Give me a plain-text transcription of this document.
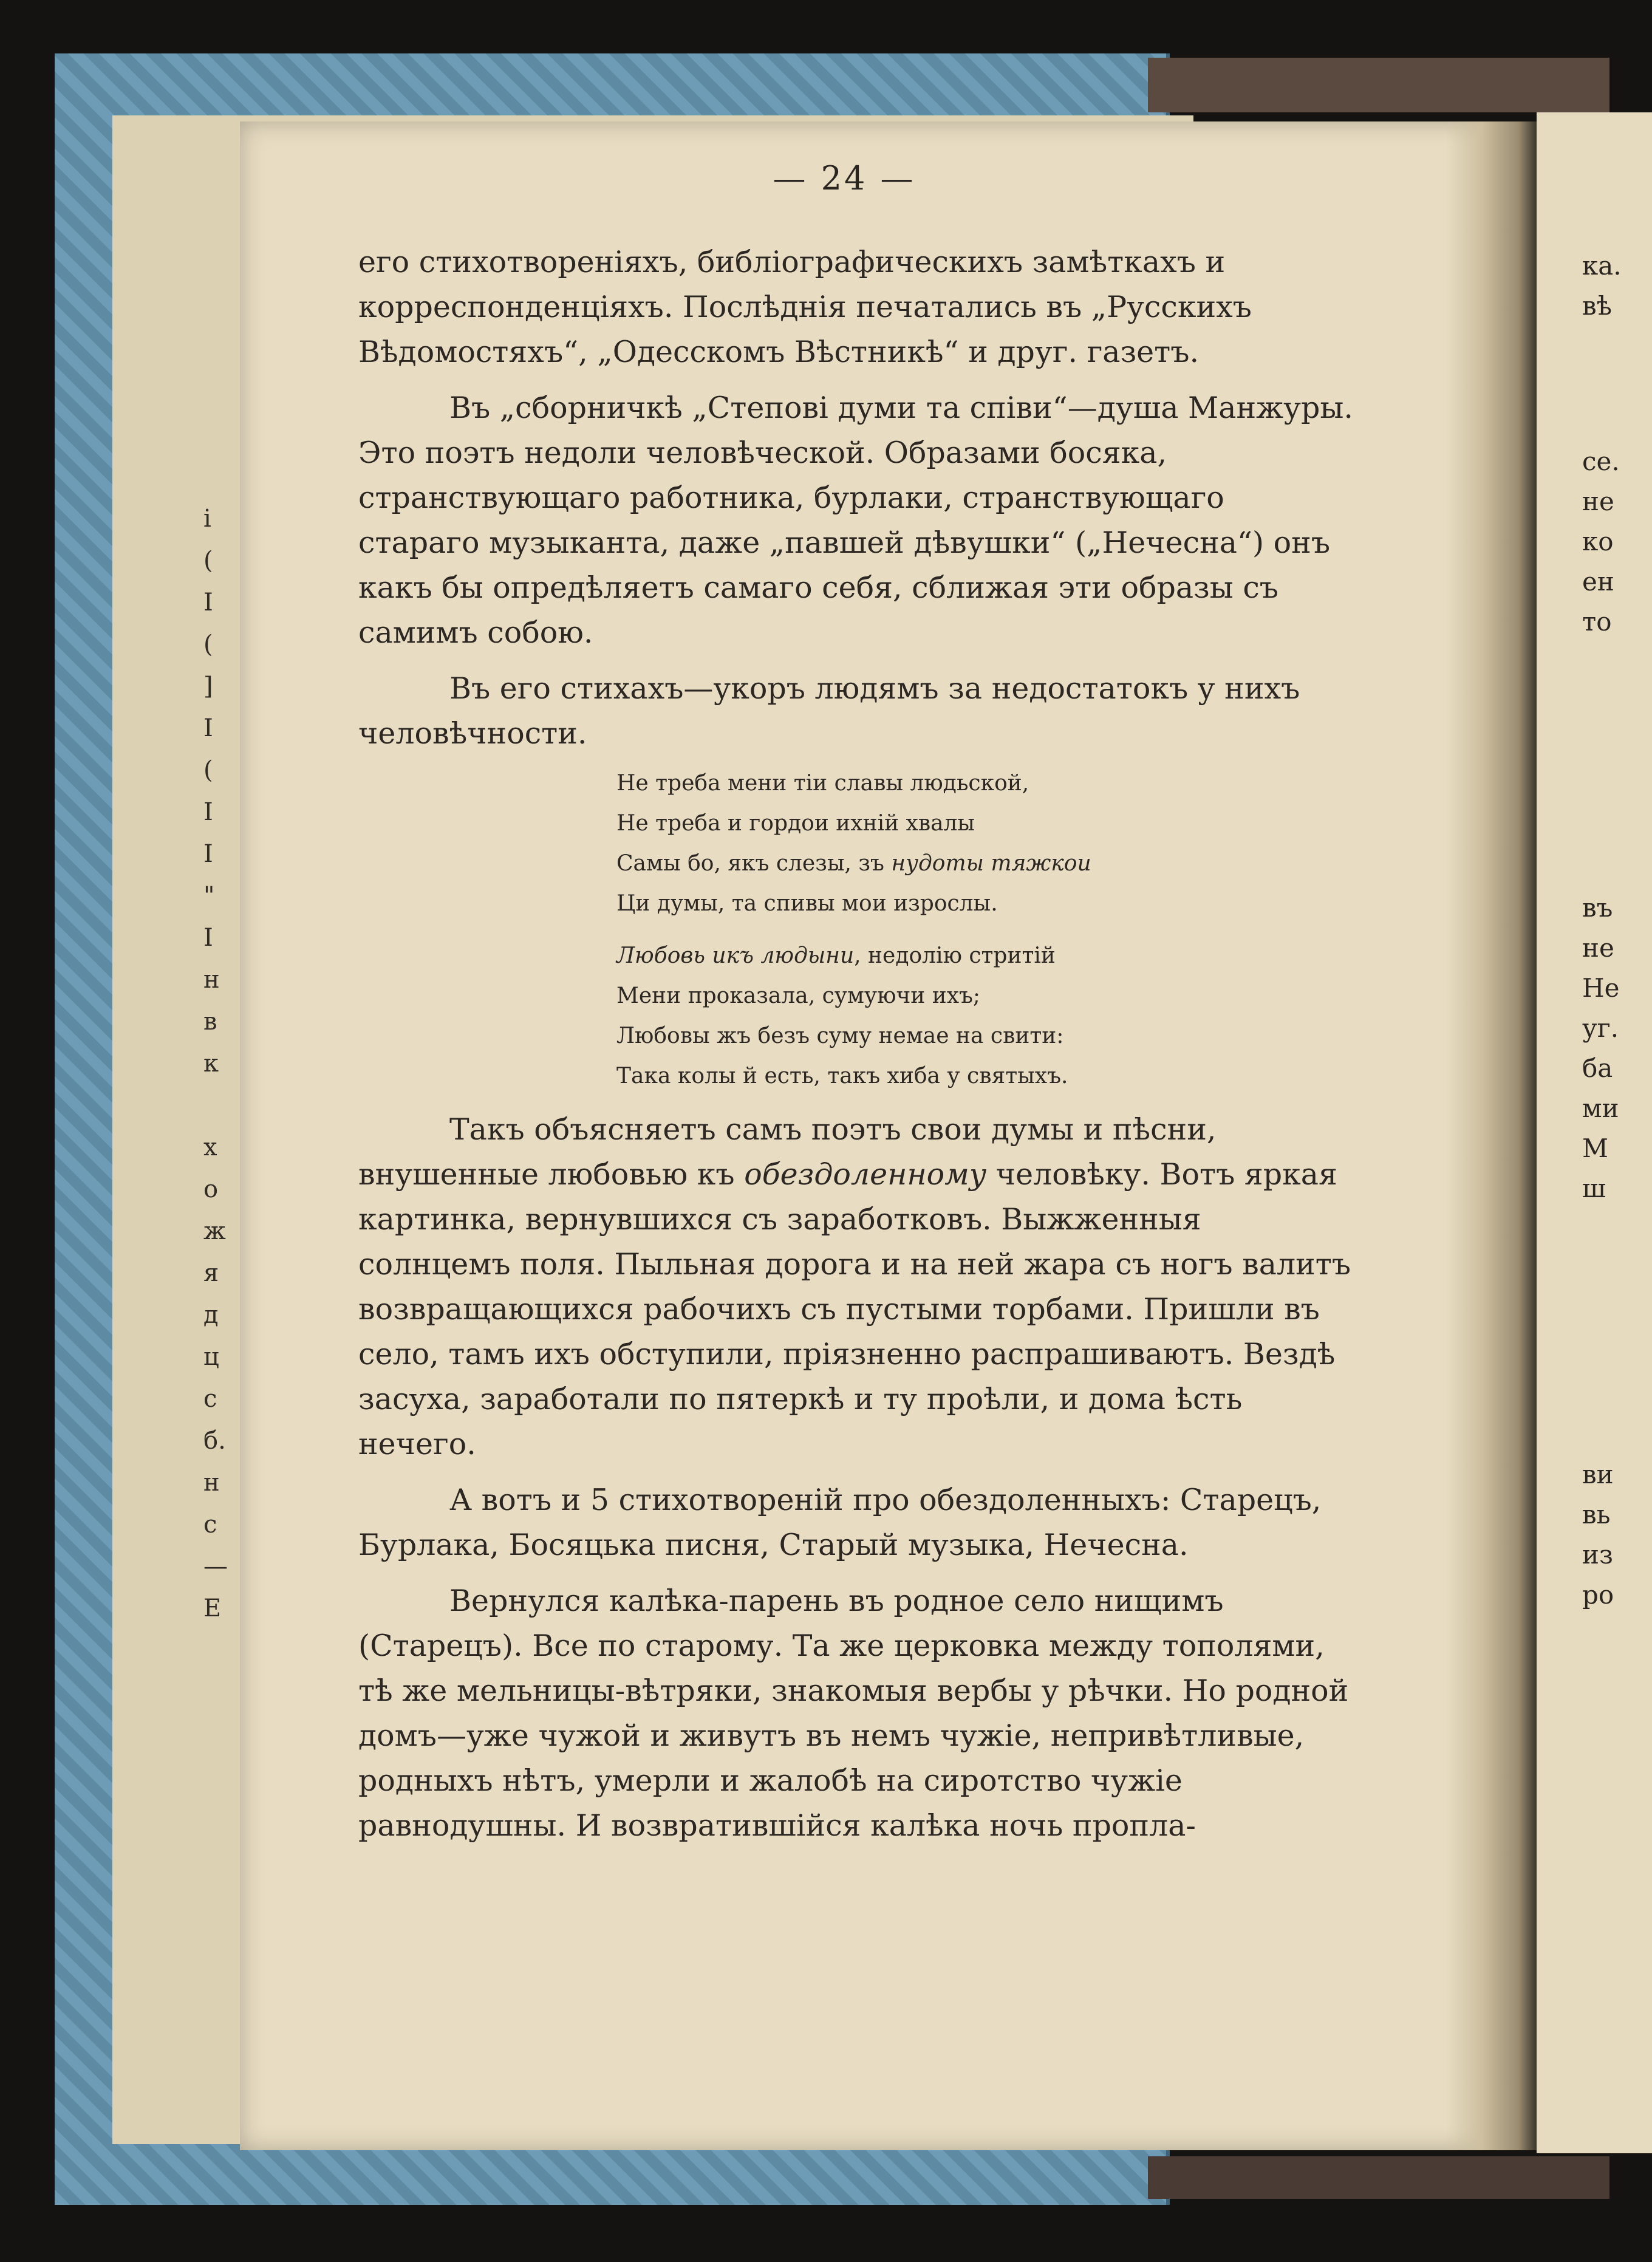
і
(
І
(
]
І
(
І
І
"
І
н
в
к
х
о
ж
я
д
ц
с
б.
н
с
—
Е
ка.
вѣ
се.
не
ко
ен
то
въ
не
Не
уг.
ба
ми
М
ш
ви
вь
из
ро
— 24 —

его стихотвореніяхъ, библіографическихъ замѣткахъ и корреспонденціяхъ. Послѣднія печатались въ „Русскихъ Вѣдомостяхъ“, „Одесскомъ Вѣстникѣ“ и друг. газетъ.

Въ „сборничкѣ „Степові думи та співи“—душа Манжуры. Это поэтъ недоли человѣческой. Образами босяка, странствующаго работника, бурлаки, странствующаго стараго музыканта, даже „павшей дѣвушки“ („Нечесна“) онъ какъ бы опредѣляетъ самаго себя, сближая эти образы съ самимъ собою.

Въ его стихахъ—укоръ людямъ за недостатокъ у нихъ человѣчности.

Не треба мени тіи славы людьской,
Не треба и гордои ихній хвалы
Самы бо, якъ слезы, зъ нудоты тяжкои
Ци думы, та спивы мои изрослы.
Любовь икъ людыни, недолію стритій
Мени проказала, сумуючи ихъ;
Любовы жъ безъ суму немае на свити:
Така колы й есть, такъ хиба у святыхъ.

Такъ объясняетъ самъ поэтъ свои думы и пѣсни, внушенные любовью къ обездоленному человѣку. Вотъ яркая картинка, вернувшихся съ заработковъ. Выжженныя солнцемъ поля. Пыльная дорога и на ней жара съ ногъ валитъ возвращающихся рабочихъ съ пустыми торбами. Пришли въ село, тамъ ихъ обступили, пріязненно распрашиваютъ. Вездѣ засуха, заработали по пятеркѣ и ту проѣли, и дома ѣсть нечего.

А вотъ и 5 стихотвореній про обездоленныхъ: Старецъ, Бурлака, Босяцька писня, Старый музыка, Нечесна.

Вернулся калѣка-парень въ родное село нищимъ (Старецъ). Все по старому. Та же церковка между тополями, тѣ же мельницы-вѣтряки, знакомыя вербы у рѣчки. Но родной домъ—уже чужой и живутъ въ немъ чужіе, непривѣтливые, родныхъ нѣтъ, умерли и жалобѣ на сиротство чужіе равнодушны. И возвратившійся калѣка ночь пропла-
